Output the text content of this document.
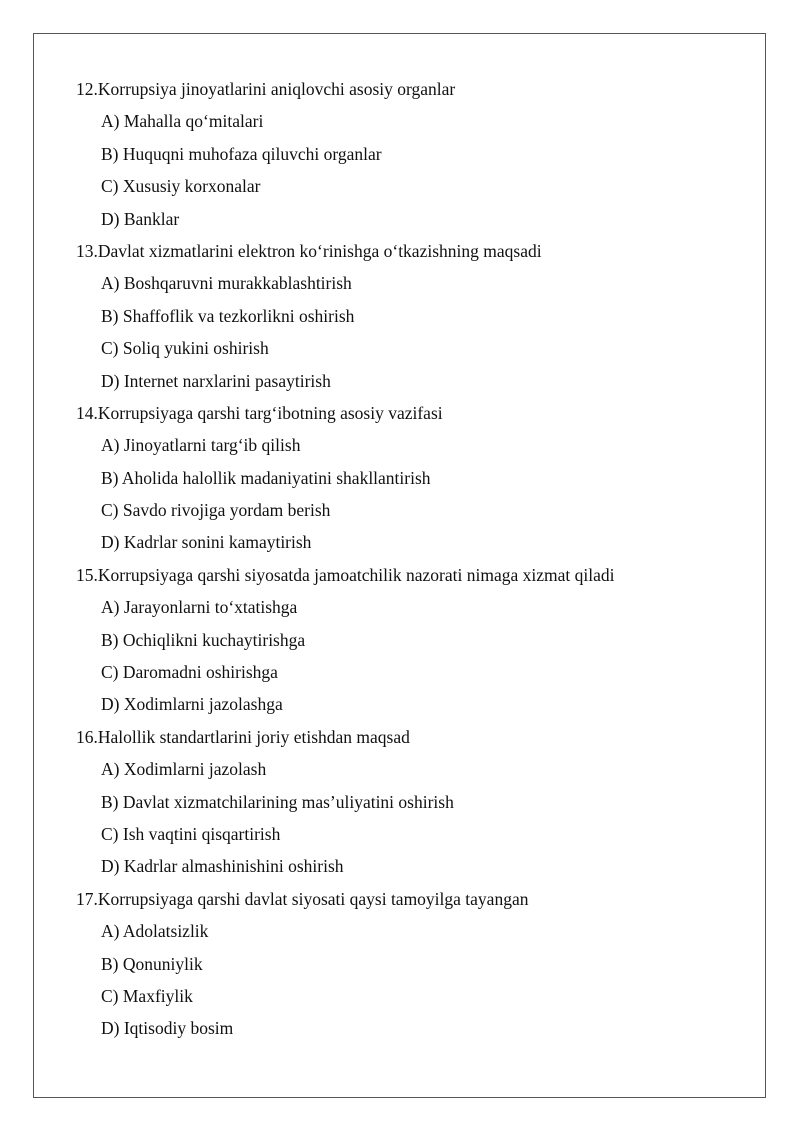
12.Korrupsiya jinoyatlarini aniqlovchi asosiy organlar
A) Mahalla qo‘mitalari
B) Huquqni muhofaza qiluvchi organlar
C) Xususiy korxonalar
D) Banklar
13.Davlat xizmatlarini elektron ko‘rinishga o‘tkazishning maqsadi
A) Boshqaruvni murakkablashtirish
B) Shaffoflik va tezkorlikni oshirish
C) Soliq yukini oshirish
D) Internet narxlarini pasaytirish
14.Korrupsiyaga qarshi targ‘ibotning asosiy vazifasi
A) Jinoyatlarni targ‘ib qilish
B) Aholida halollik madaniyatini shakllantirish
C) Savdo rivojiga yordam berish
D) Kadrlar sonini kamaytirish
15.Korrupsiyaga qarshi siyosatda jamoatchilik nazorati nimaga xizmat qiladi
A) Jarayonlarni to‘xtatishga
B) Ochiqlikni kuchaytirishga
C) Daromadni oshirishga
D) Xodimlarni jazolashga
16.Halollik standartlarini joriy etishdan maqsad
A) Xodimlarni jazolash
B) Davlat xizmatchilarining mas’uliyatini oshirish
C) Ish vaqtini qisqartirish
D) Kadrlar almashinishini oshirish
17.Korrupsiyaga qarshi davlat siyosati qaysi tamoyilga tayangan
A) Adolatsizlik
B) Qonuniylik
C) Maxfiylik
D) Iqtisodiy bosim
